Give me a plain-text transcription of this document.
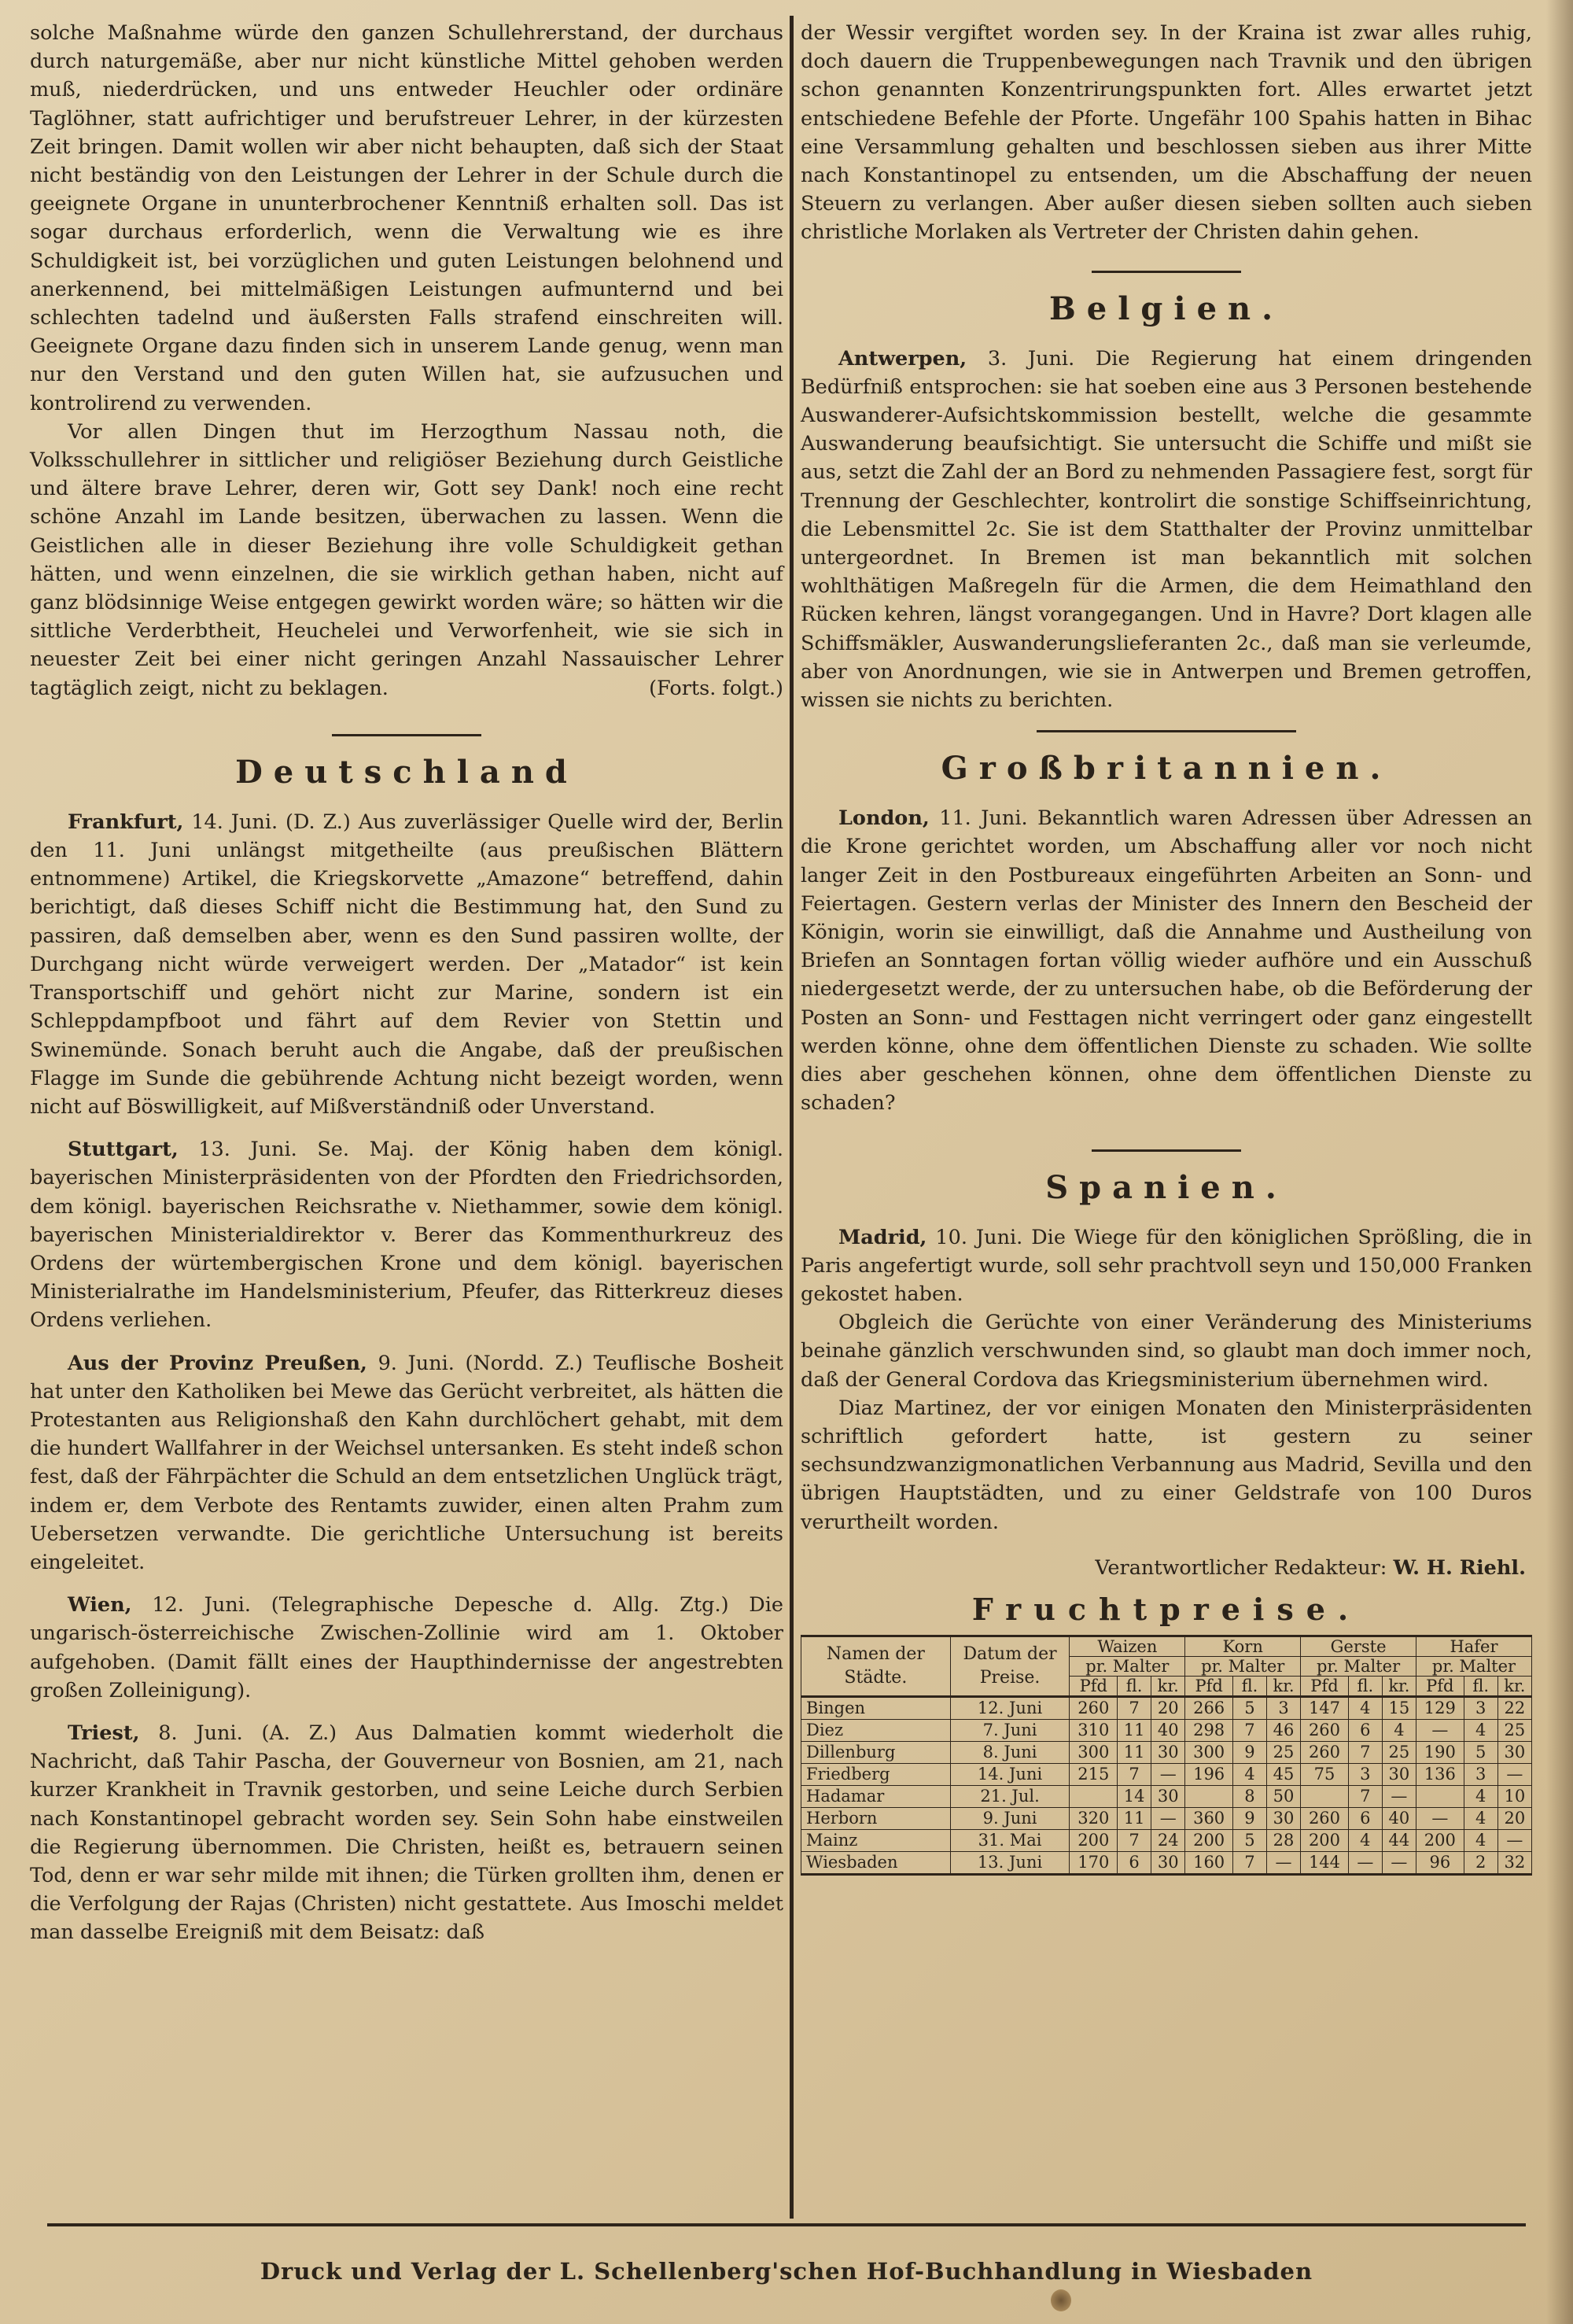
solche Maßnahme würde den ganzen Schullehrerstand, der durchaus durch naturgemäße, aber nur nicht künstliche Mittel gehoben werden muß, niederdrücken, und uns entweder Heuchler oder ordinäre Taglöhner, statt aufrichtiger und berufstreuer Lehrer, in der kürzesten Zeit bringen. Damit wollen wir aber nicht behaupten, daß sich der Staat nicht beständig von den Leistungen der Lehrer in der Schule durch die geeignete Organe in ununterbrochener Kenntniß erhalten soll. Das ist sogar durchaus erforderlich, wenn die Verwaltung wie es ihre Schuldigkeit ist, bei vorzüglichen und guten Leistungen belohnend und anerkennend, bei mittelmäßigen Leistungen aufmunternd und bei schlechten tadelnd und äußersten Falls strafend einschreiten will. Geeignete Organe dazu finden sich in unserem Lande genug, wenn man nur den Verstand und den guten Willen hat, sie aufzusuchen und kontrolirend zu verwenden.

Vor allen Dingen thut im Herzogthum Nassau noth, die Volksschullehrer in sittlicher und religiöser Beziehung durch Geistliche und ältere brave Lehrer, deren wir, Gott sey Dank! noch eine recht schöne Anzahl im Lande besitzen, überwachen zu lassen. Wenn die Geistlichen alle in dieser Beziehung ihre volle Schuldigkeit gethan hätten, und wenn einzelnen, die sie wirklich gethan haben, nicht auf ganz blödsinnige Weise entgegen gewirkt worden wäre; so hätten wir die sittliche Verderbtheit, Heuchelei und Verworfenheit, wie sie sich in neuester Zeit bei einer nicht geringen Anzahl Nassauischer Lehrer tagtäglich zeigt, nicht zu beklagen.	(Forts. folgt.)

Deutschland

Frankfurt, 14. Juni. (D. Z.) Aus zuverlässiger Quelle wird der, Berlin den 11. Juni unlängst mitgetheilte (aus preußischen Blättern entnommene) Artikel, die Kriegskorvette „Amazone“ betreffend, dahin berichtigt, daß dieses Schiff nicht die Bestimmung hat, den Sund zu passiren, daß demselben aber, wenn es den Sund passiren wollte, der Durchgang nicht würde verweigert werden. Der „Matador“ ist kein Transportschiff und gehört nicht zur Marine, sondern ist ein Schleppdampfboot und fährt auf dem Revier von Stettin und Swinemünde. Sonach beruht auch die Angabe, daß der preußischen Flagge im Sunde die gebührende Achtung nicht bezeigt worden, wenn nicht auf Böswilligkeit, auf Mißverständniß oder Unverstand.

Stuttgart, 13. Juni. Se. Maj. der König haben dem königl. bayerischen Ministerpräsidenten von der Pfordten den Friedrichsorden, dem königl. bayerischen Reichsrathe v. Niethammer, sowie dem königl. bayerischen Ministerialdirektor v. Berer das Kommenthurkreuz des Ordens der würtembergischen Krone und dem königl. bayerischen Ministerialrathe im Handelsministerium, Pfeufer, das Ritterkreuz dieses Ordens verliehen.

Aus der Provinz Preußen, 9. Juni. (Nordd. Z.) Teuflische Bosheit hat unter den Katholiken bei Mewe das Gerücht verbreitet, als hätten die Protestanten aus Religionshaß den Kahn durchlöchert gehabt, mit dem die hundert Wallfahrer in der Weichsel untersanken. Es steht indeß schon fest, daß der Fährpächter die Schuld an dem entsetzlichen Unglück trägt, indem er, dem Verbote des Rentamts zuwider, einen alten Prahm zum Uebersetzen verwandte. Die gerichtliche Untersuchung ist bereits eingeleitet.

Wien, 12. Juni. (Telegraphische Depesche d. Allg. Ztg.) Die ungarisch-österreichische Zwischen-Zollinie wird am 1. Oktober aufgehoben. (Damit fällt eines der Haupthindernisse der angestrebten großen Zolleinigung).

Triest, 8. Juni. (A. Z.) Aus Dalmatien kommt wiederholt die Nachricht, daß Tahir Pascha, der Gouverneur von Bosnien, am 21, nach kurzer Krankheit in Travnik gestorben, und seine Leiche durch Serbien nach Konstantinopel gebracht worden sey. Sein Sohn habe einstweilen die Regierung übernommen. Die Christen, heißt es, betrauern seinen Tod, denn er war sehr milde mit ihnen; die Türken grollten ihm, denen er die Verfolgung der Rajas (Christen) nicht gestattete. Aus Imoschi meldet man dasselbe Ereigniß mit dem Beisatz: daß

der Wessir vergiftet worden sey. In der Kraina ist zwar alles ruhig, doch dauern die Truppenbewegungen nach Travnik und den übrigen schon genannten Konzentrirungspunkten fort. Alles erwartet jetzt entschiedene Befehle der Pforte. Ungefähr 100 Spahis hatten in Bihac eine Versammlung gehalten und beschlossen sieben aus ihrer Mitte nach Konstantinopel zu entsenden, um die Abschaffung der neuen Steuern zu verlangen. Aber außer diesen sieben sollten auch sieben christliche Morlaken als Vertreter der Christen dahin gehen.

Belgien.

Antwerpen, 3. Juni. Die Regierung hat einem dringenden Bedürfniß entsprochen: sie hat soeben eine aus 3 Personen bestehende Auswanderer-Aufsichtskommission bestellt, welche die gesammte Auswanderung beaufsichtigt. Sie untersucht die Schiffe und mißt sie aus, setzt die Zahl der an Bord zu nehmenden Passagiere fest, sorgt für Trennung der Geschlechter, kontrolirt die sonstige Schiffseinrichtung, die Lebensmittel 2c. Sie ist dem Statthalter der Provinz unmittelbar untergeordnet. In Bremen ist man bekanntlich mit solchen wohlthätigen Maßregeln für die Armen, die dem Heimathland den Rücken kehren, längst vorangegangen. Und in Havre? Dort klagen alle Schiffsmäkler, Auswanderungslieferanten 2c., daß man sie verleumde, aber von Anordnungen, wie sie in Antwerpen und Bremen getroffen, wissen sie nichts zu berichten.

Großbritannien.

London, 11. Juni. Bekanntlich waren Adressen über Adressen an die Krone gerichtet worden, um Abschaffung aller vor noch nicht langer Zeit in den Postbureaux eingeführten Arbeiten an Sonn- und Feiertagen. Gestern verlas der Minister des Innern den Bescheid der Königin, worin sie einwilligt, daß die Annahme und Austheilung von Briefen an Sonntagen fortan völlig wieder aufhöre und ein Ausschuß niedergesetzt werde, der zu untersuchen habe, ob die Beförderung der Posten an Sonn- und Festtagen nicht verringert oder ganz eingestellt werden könne, ohne dem öffentlichen Dienste zu schaden. Wie sollte dies aber geschehen können, ohne dem öffentlichen Dienste zu schaden?

Spanien.

Madrid, 10. Juni. Die Wiege für den königlichen Sprößling, die in Paris angefertigt wurde, soll sehr prachtvoll seyn und 150,000 Franken gekostet haben.

Obgleich die Gerüchte von einer Veränderung des Ministeriums beinahe gänzlich verschwunden sind, so glaubt man doch immer noch, daß der General Cordova das Kriegsministerium übernehmen wird.

Diaz Martinez, der vor einigen Monaten den Ministerpräsidenten schriftlich gefordert hatte, ist gestern zu seiner sechsundzwanzigmonatlichen Verbannung aus Madrid, Sevilla und den übrigen Hauptstädten, und zu einer Geldstrafe von 100 Duros verurtheilt worden.

Verantwortlicher Redakteur: W. H. Riehl.
Fruchtpreise.
Namen der Städte.	Datum der Preise.	Waizen			Korn			Gerste			Hafer		
		pr. Malter			pr. Malter			pr. Malter			pr. Malter		
		Pfd	fl.	kr.	Pfd	fl.	kr.	Pfd	fl.	kr.	Pfd	fl.	kr.
Bingen	12. Juni	260	7	20	266	5	3	147	4	15	129	3	22
Diez	7. Juni	310	11	40	298	7	46	260	6	4	—	4	25
Dillenburg	8. Juni	300	11	30	300	9	25	260	7	25	190	5	30
Friedberg	14. Juni	215	7	—	196	4	45	75	3	30	136	3	—
Hadamar	21. Jul.		14	30		8	50		7	—		4	10
Herborn	9. Juni	320	11	—	360	9	30	260	6	40	—	4	20
Mainz	31. Mai	200	7	24	200	5	28	200	4	44	200	4	—
Wiesbaden	13. Juni	170	6	30	160	7	—	144	—	—	96	2	32
Druck und Verlag der L. Schellenberg'schen Hof-Buchhandlung in Wiesbaden
